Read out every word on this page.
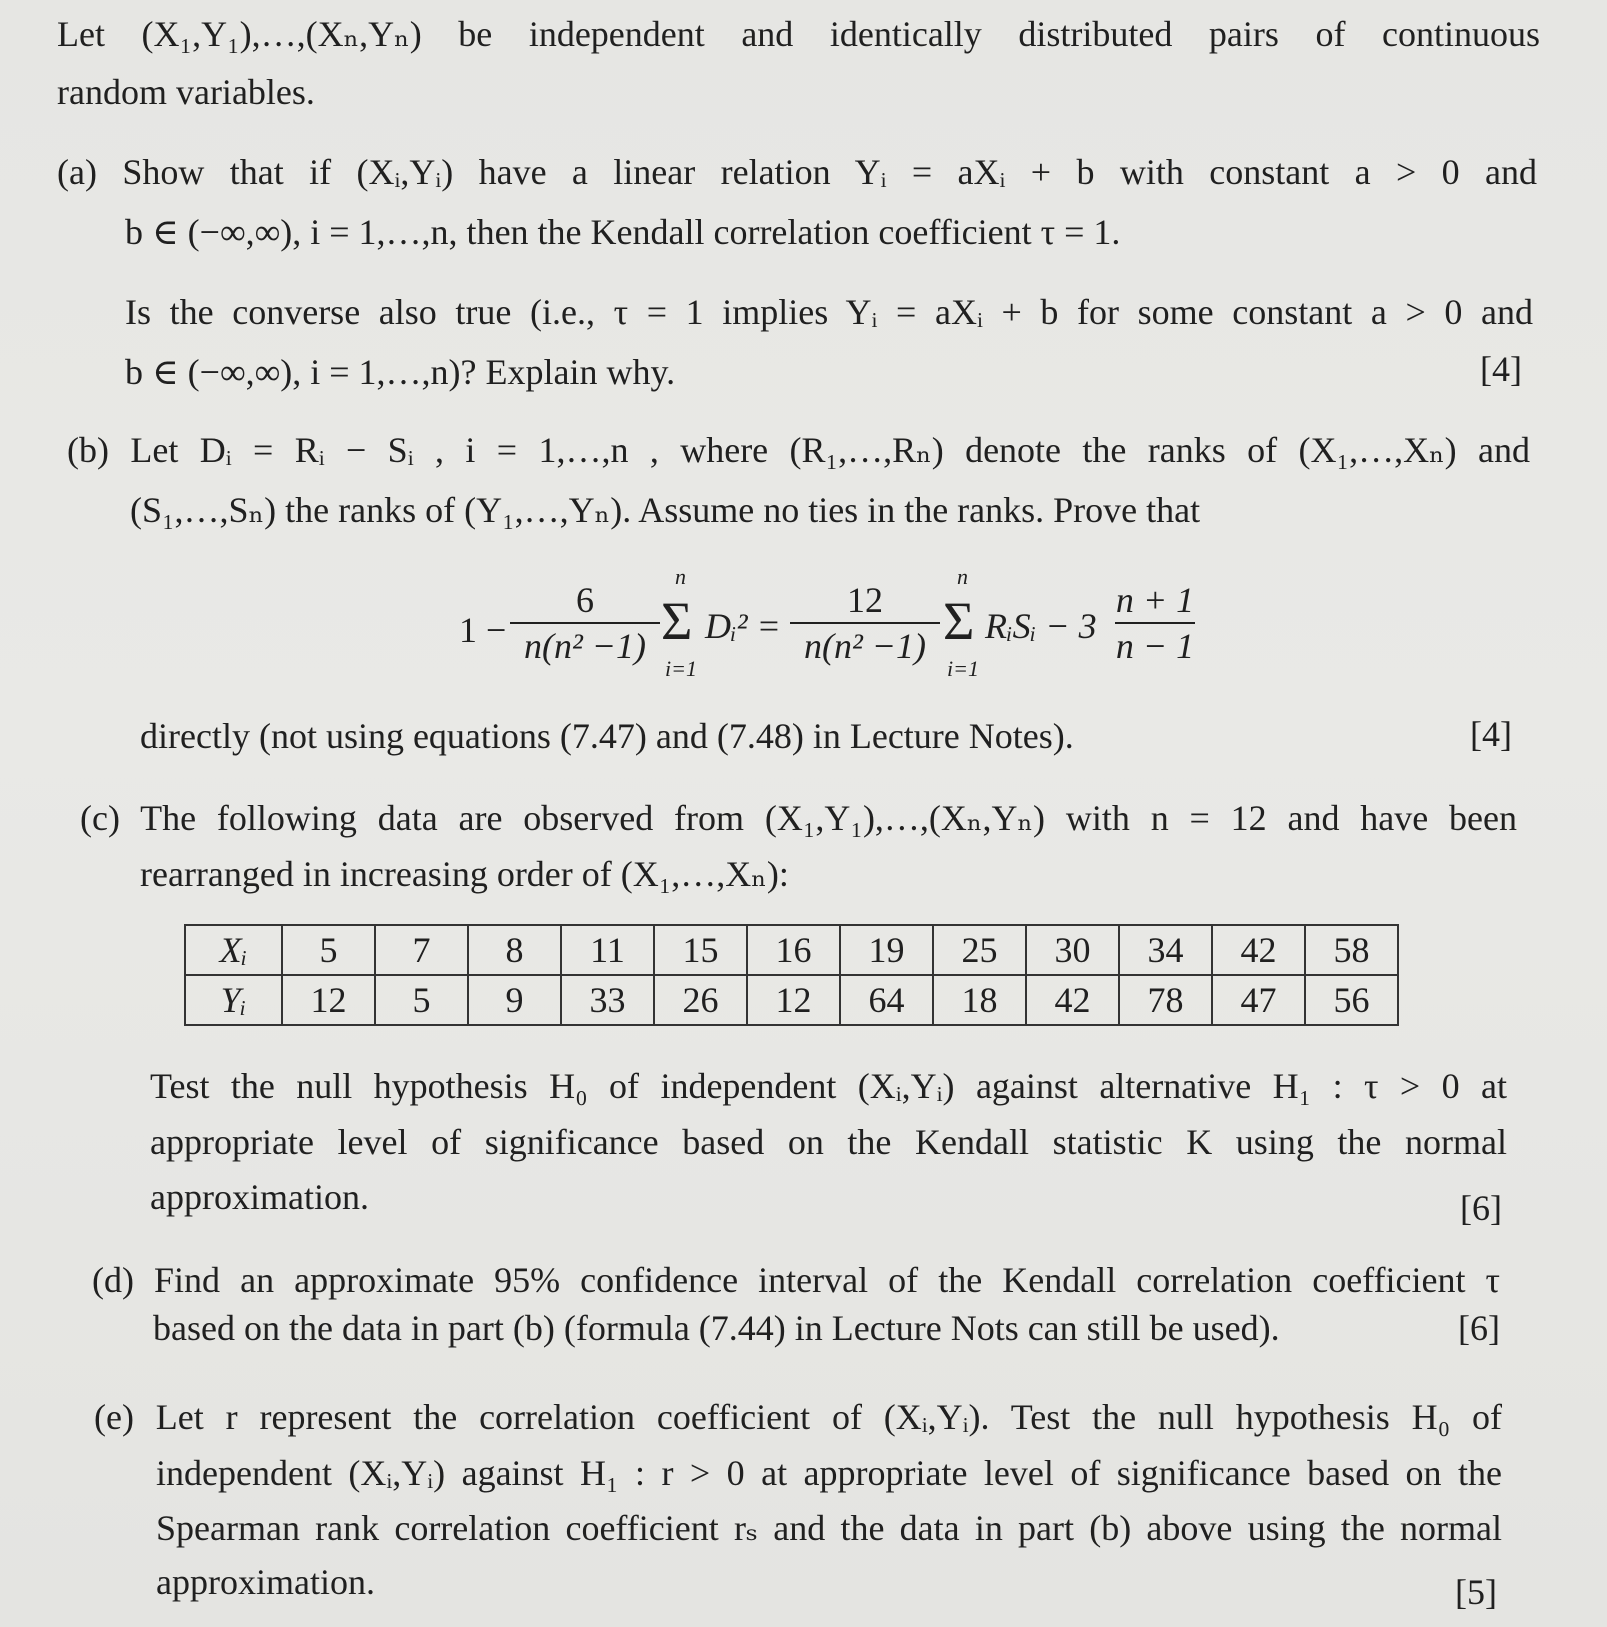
Let (X₁,Y₁),…,(Xₙ,Yₙ) be independent and identically distributed pairs of continuous
random variables.
(a) Show that if (Xᵢ,Yᵢ) have a linear relation Yᵢ = aXᵢ + b with constant a > 0 and
b ∈ (−∞,∞), i = 1,…,n, then the Kendall correlation coefficient τ = 1.
Is the converse also true (i.e., τ = 1 implies Yᵢ = aXᵢ + b for some constant a > 0 and
b ∈ (−∞,∞), i = 1,…,n)? Explain why.	[4]
(b) Let Dᵢ = Rᵢ − Sᵢ , i = 1,…,n , where (R₁,…,Rₙ) denote the ranks of (X₁,…,Xₙ) and
(S₁,…,Sₙ) the ranks of (Y₁,…,Yₙ). Assume no ties in the ranks. Prove that
1 −
6
n(n² −1)
n
Σ
i=1
Dᵢ² =
12
n(n² −1)
n
Σ
i=1
RᵢSᵢ − 3
n + 1
n − 1
directly (not using equations (7.47) and (7.48) in Lecture Notes).	[4]
(c) The following data are observed from (X₁,Y₁),…,(Xₙ,Yₙ) with n = 12 and have been
rearranged in increasing order of (X₁,…,Xₙ):
Xᵢ	5	7	8	11	15	16	19	25	30	34	42	58
Yᵢ	12	5	9	33	26	12	64	18	42	78	47	56
Test the null hypothesis H₀ of independent (Xᵢ,Yᵢ) against alternative H₁ : τ > 0 at
appropriate level of significance based on the Kendall statistic K using the normal
approximation.	[6]
(d) Find an approximate 95% confidence interval of the Kendall correlation coefficient τ
based on the data in part (b) (formula (7.44) in Lecture Nots can still be used).	[6]
(e) Let r represent the correlation coefficient of (Xᵢ,Yᵢ). Test the null hypothesis H₀ of
independent (Xᵢ,Yᵢ) against H₁ : r > 0 at appropriate level of significance based on the
Spearman rank correlation coefficient rₛ and the data in part (b) above using the normal
approximation.	[5]
